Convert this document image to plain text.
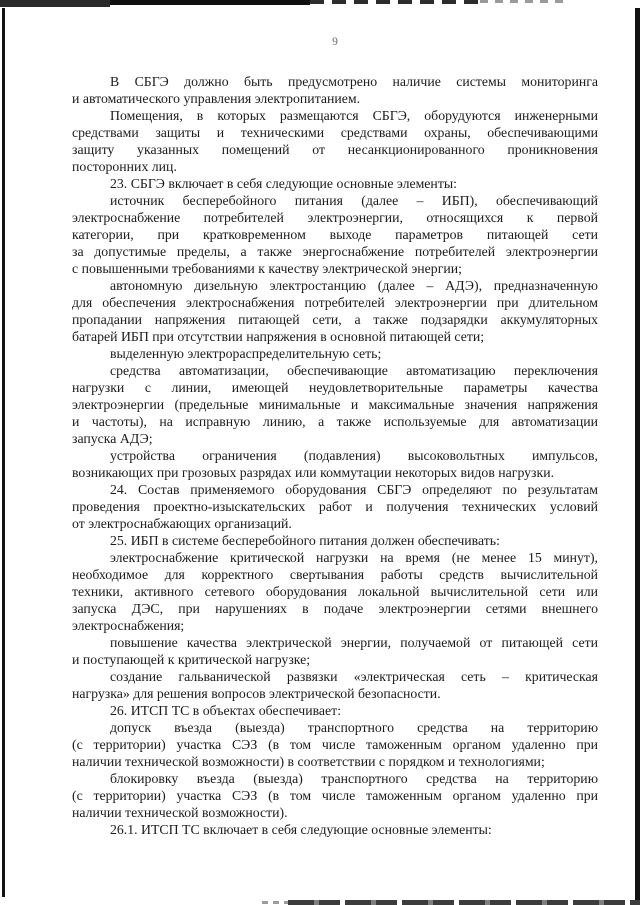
9
В СБГЭ должно быть предусмотрено наличие системы мониторинга
и автоматического управления электропитанием.
Помещения, в которых размещаются СБГЭ, оборудуются инженерными
средствами защиты и техническими средствами охраны, обеспечивающими
защиту указанных помещений от несанкционированного проникновения
посторонних лиц.
23. СБГЭ включает в себя следующие основные элементы:
источник бесперебойного питания (далее – ИБП), обеспечивающий
электроснабжение потребителей электроэнергии, относящихся к первой
категории, при кратковременном выходе параметров питающей сети
за допустимые пределы, а также энергоснабжение потребителей электроэнергии
с повышенными требованиями к качеству электрической энергии;
автономную дизельную электростанцию (далее – АДЭ), предназначенную
для обеспечения электроснабжения потребителей электроэнергии при длительном
пропадании напряжения питающей сети, а также подзарядки аккумуляторных
батарей ИБП при отсутствии напряжения в основной питающей сети;
выделенную электрораспределительную сеть;
средства автоматизации, обеспечивающие автоматизацию переключения
нагрузки с линии, имеющей неудовлетворительные параметры качества
электроэнергии (предельные минимальные и максимальные значения напряжения
и частоты), на исправную линию, а также используемые для автоматизации
запуска АДЭ;
устройства ограничения (подавления) высоковольтных импульсов,
возникающих при грозовых разрядах или коммутации некоторых видов нагрузки.
24. Состав применяемого оборудования СБГЭ определяют по результатам
проведения проектно-изыскательских работ и получения технических условий
от электроснабжающих организаций.
25. ИБП в системе бесперебойного питания должен обеспечивать:
электроснабжение критической нагрузки на время (не менее 15 минут),
необходимое для корректного свертывания работы средств вычислительной
техники, активного сетевого оборудования локальной вычислительной сети или
запуска ДЭС, при нарушениях в подаче электроэнергии сетями внешнего
электроснабжения;
повышение качества электрической энергии, получаемой от питающей сети
и поступающей к критической нагрузке;
создание гальванической развязки «электрическая сеть – критическая
нагрузка» для решения вопросов электрической безопасности.
26. ИТСП ТС в объектах обеспечивает:
допуск въезда (выезда) транспортного средства на территорию
(с территории) участка СЭЗ (в том числе таможенным органом удаленно при
наличии технической возможности) в соответствии с порядком и технологиями;
блокировку въезда (выезда) транспортного средства на территорию
(с территории) участка СЭЗ (в том числе таможенным органом удаленно при
наличии технической возможности).
26.1. ИТСП ТС включает в себя следующие основные элементы:
